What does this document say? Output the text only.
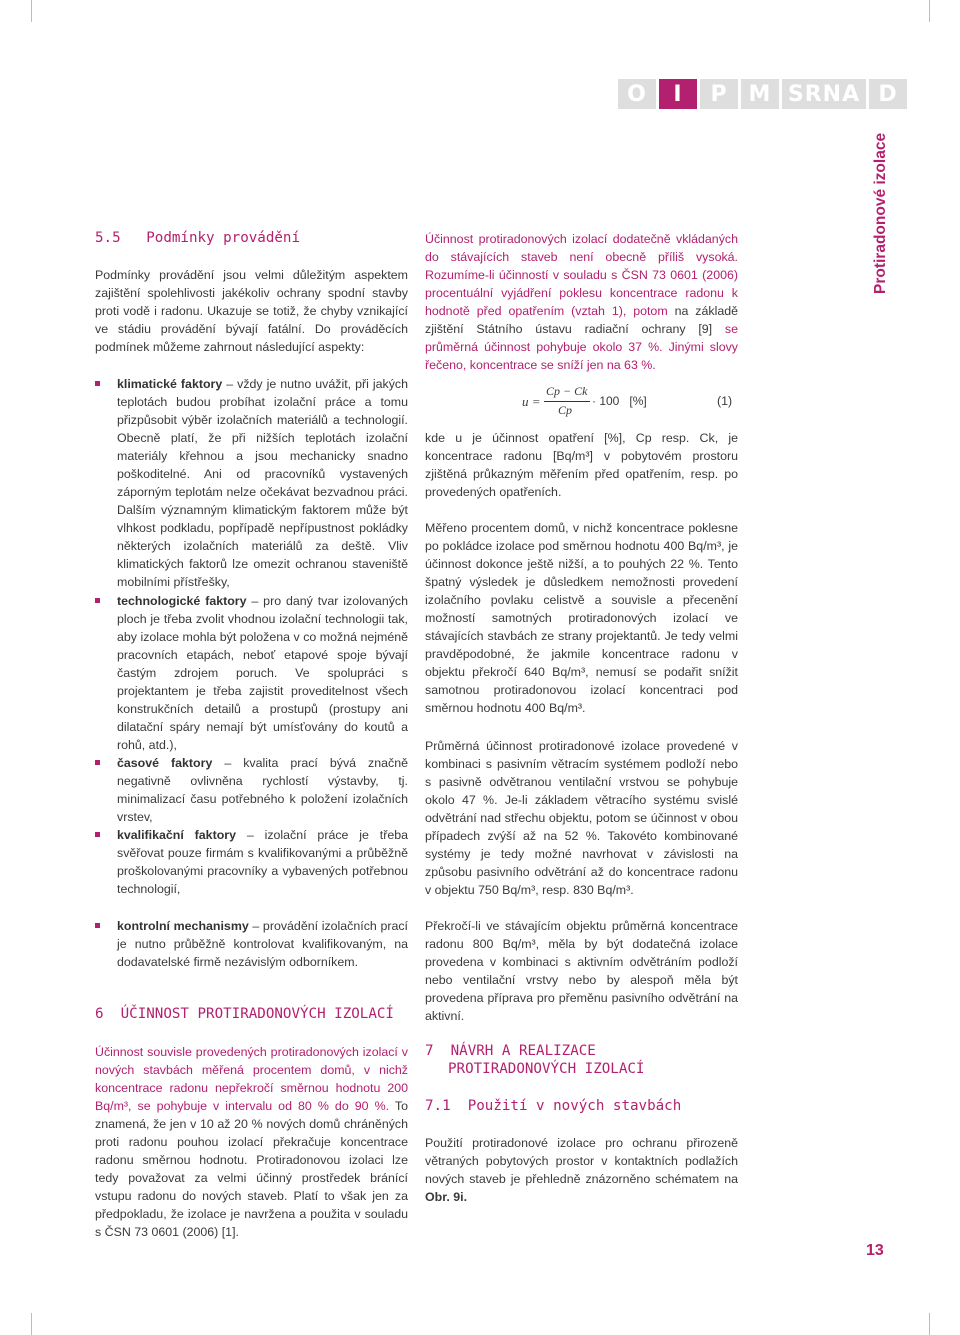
O	I	P M SRNA D
Protiradonové izolace
5.5   Podmínky provádění

Podmínky provádění jsou velmi důležitým aspektem zajištění spolehlivosti jakékoliv ochrany spodní stavby proti vodě i radonu. Ukazuje se totiž, že chyby vznikající ve stádiu provádění bývají fatální. Do prováděcích podmínek můžeme zahrnout následující aspekty:

klimatické faktory – vždy je nutno uvážit, při jakých teplotách budou probíhat izolační práce a tomu přizpůsobit výběr izolačních materiálů a technologií. Obecně platí, že při nižších teplotách izolační materiály křehnou a jsou mechanicky snadno poškoditelné. Ani od pracovníků vystavených záporným teplotám nelze očekávat bezvadnou práci. Dalším významným klimatickým faktorem může být vlhkost podkladu, popřípadě nepřípustnost pokládky některých izolačních materiálů za deště. Vliv klimatických faktorů lze omezit ochranou staveniště mobilními přístřešky,

technologické faktory – pro daný tvar izolovaných ploch je třeba zvolit vhodnou izolační technologii tak, aby izolace mohla být položena v co možná nejméně pracovních etapách, neboť etapové spoje bývají častým zdrojem poruch. Ve spolupráci s projektantem je třeba zajistit proveditelnost všech konstrukčních detailů a prostupů (prostupy ani dilatační spáry nemají být umísťovány do koutů a rohů, atd.),

časové faktory – kvalita prací bývá značně negativně ovlivněna rychlostí výstavby, tj. minimalizací času potřebného k položení izolačních vrstev,

kvalifikační faktory – izolační práce je třeba svěřovat pouze firmám s kvalifikovanými a průběžně proškolovanými pracovníky a vybavených potřebnou technologií,

kontrolní mechanismy – provádění izolačních prací je nutno průběžně kontrolovat kvalifikovaným, na dodavatelské firmě nezávislým odborníkem.

6  ÚČINNOST PROTIRADONOVÝCH IZOLACÍ

Účinnost souvisle provedených protiradonových izolací v nových stavbách měřená procentem domů, v nichž koncentrace radonu nepřekročí směrnou hodnotu 200 Bq/m³, se pohybuje v intervalu od 80 % do 90 %. To znamená, že jen v 10 až 20 % nových domů chráněných proti radonu pouhou izolací překračuje koncentrace radonu směrnou hodnotu. Protiradonovou izolaci lze tedy považovat za velmi účinný prostředek bránící vstupu radonu do nových staveb. Platí to však jen za předpokladu, že izolace je navržena a použita v souladu s ČSN 73 0601 (2006) [1].

Účinnost protiradonových izolací dodatečně vkládaných do stávajících staveb není obecně příliš vysoká. Rozumíme-li účinností v souladu s ČSN 73 0601 (2006) procentuální vyjádření poklesu koncentrace radonu k hodnotě před opatřením (vztah 1), potom na základě zjištění Státního ústavu radiační ochrany [9] se průměrná účinnost pohybuje okolo 37 %. Jinými slovy řečeno, koncentrace se sníží jen na 63 %.

u =
Cp − Ck
Cp
· 100   [%]	(1)

kde u je účinnost opatření [%], Cp resp. Ck, je koncentrace radonu [Bq/m³] v pobytovém prostoru zjištěná průkazným měřením před opatřením, resp. po provedených opatřeních.

Měřeno procentem domů, v nichž koncentrace poklesne po pokládce izolace pod směrnou hodnotu 400 Bq/m³, je účinnost dokonce ještě nižší, a to pouhých 22 %. Tento špatný výsledek je důsledkem nemožnosti provedení izolačního povlaku celistvě a souvisle a přecenění možností samotných protiradonových izolací ve stávajících stavbách ze strany projektantů. Je tedy velmi pravděpodobné, že jakmile koncentrace radonu v objektu překročí 640 Bq/m³, nemusí se podařit snížit samotnou protiradonovou izolací koncentraci pod směrnou hodnotu 400 Bq/m³.

Průměrná účinnost protiradonové izolace provedené v kombinaci s pasivním větracím systémem podloží nebo s pasivně odvětranou ventilační vrstvou se pohybuje okolo 47 %. Je-li základem větracího systému svislé odvětrání nad střechu objektu, potom se účinnost v obou případech zvýší až na 52 %. Takovéto kombinované systémy je tedy možné navrhovat v závislosti na způsobu pasivního odvětrání až do koncentrace radonu v objektu 750 Bq/m³, resp. 830 Bq/m³.

Překročí-li ve stávajícím objektu průměrná koncentrace radonu 800 Bq/m³, měla by být dodatečná izolace provedena v kombinaci s aktivním odvětráním podloží nebo ventilační vrstvy nebo by alespoň měla být provedena příprava pro přeměnu pasivního odvětrání na aktivní.

7  NÁVRH A REALIZACE
PROTIRADONOVÝCH IZOLACÍ
7.1  Použití v nových stavbách

Použití protiradonové izolace pro ochranu přirozeně větraných pobytových prostor v kontaktních podlažích nových staveb je přehledně znázorněno schématem na Obr. 9i.

13
